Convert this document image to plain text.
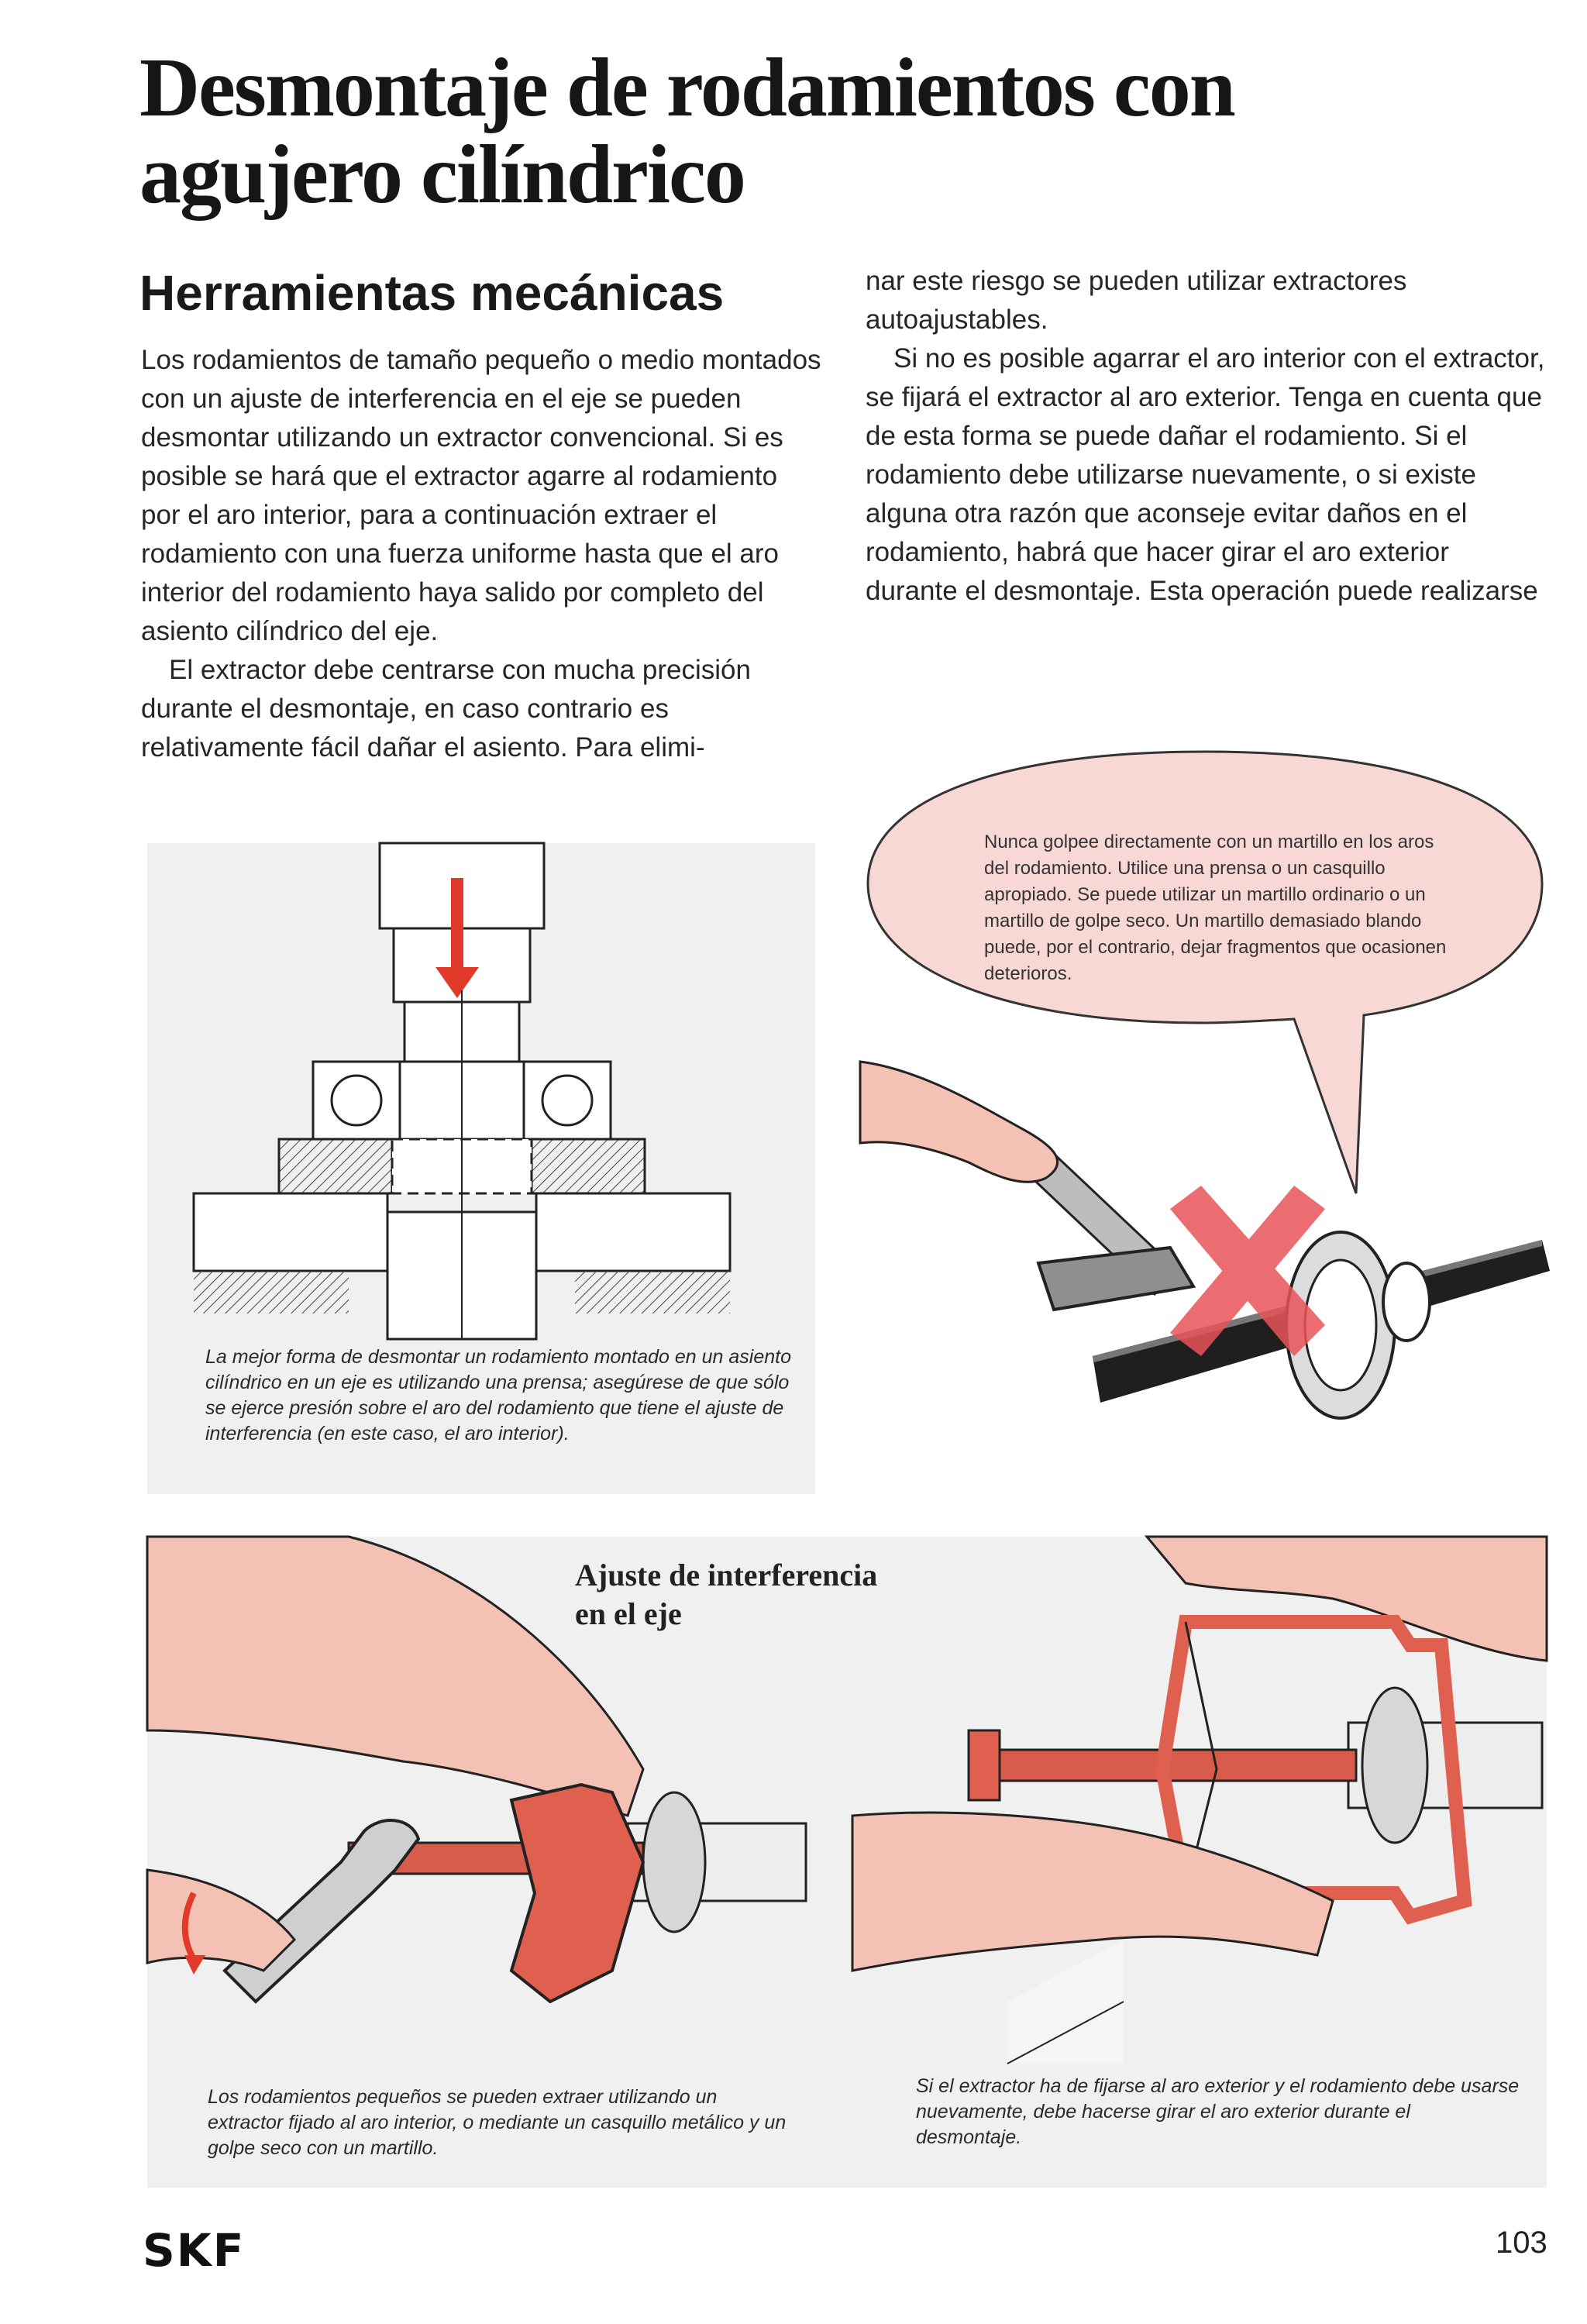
Desmontaje de rodamientos con
agujero cilíndrico
Herramientas mecánicas

Los rodamientos de tamaño pequeño o medio montados con un ajuste de interferencia en el eje se pueden desmontar utilizando un extractor convencional. Si es posible se hará que el extractor agarre al rodamiento por el aro interior, para a continuación extraer el rodamiento con una fuerza uniforme hasta que el aro interior del rodamiento haya salido por completo del asiento cilíndrico del eje.

El extractor debe centrarse con mucha precisión durante el desmontaje, en caso contrario es relativamente fácil dañar el asiento. Para elimi-

nar este riesgo se pueden utilizar extractores autoajustables.

Si no es posible agarrar el aro interior con el extractor, se fijará el extractor al aro exterior. Tenga en cuenta que de esta forma se puede dañar el rodamiento. Si el rodamiento debe utilizarse nuevamente, o si existe alguna otra razón que aconseje evitar daños en el rodamiento, habrá que hacer girar el aro exterior durante el desmontaje. Esta operación puede realizarse

La mejor forma de desmontar un rodamiento montado en un asiento cilíndrico en un eje es utilizando una prensa; asegúrese de que sólo se ejerce presión sobre el aro del rodamiento que tiene el ajuste de interferencia (en este caso, el aro interior).
Nunca golpee directamente con un martillo en los aros del rodamiento. Utilice una prensa o un casquillo apropiado. Se puede utilizar un martillo ordinario o un martillo de golpe seco. Un martillo demasiado blando puede, por el contrario, dejar fragmentos que ocasionen deterioros.
Ajuste de interferencia
en el eje
Los rodamientos pequeños se pueden extraer utilizando un extractor fijado al aro interior, o mediante un casquillo metálico y un golpe seco con un martillo.
Si el extractor ha de fijarse al aro exterior y el rodamiento debe usarse nuevamente, debe hacerse girar el aro exterior durante el desmontaje.
SKF	103
